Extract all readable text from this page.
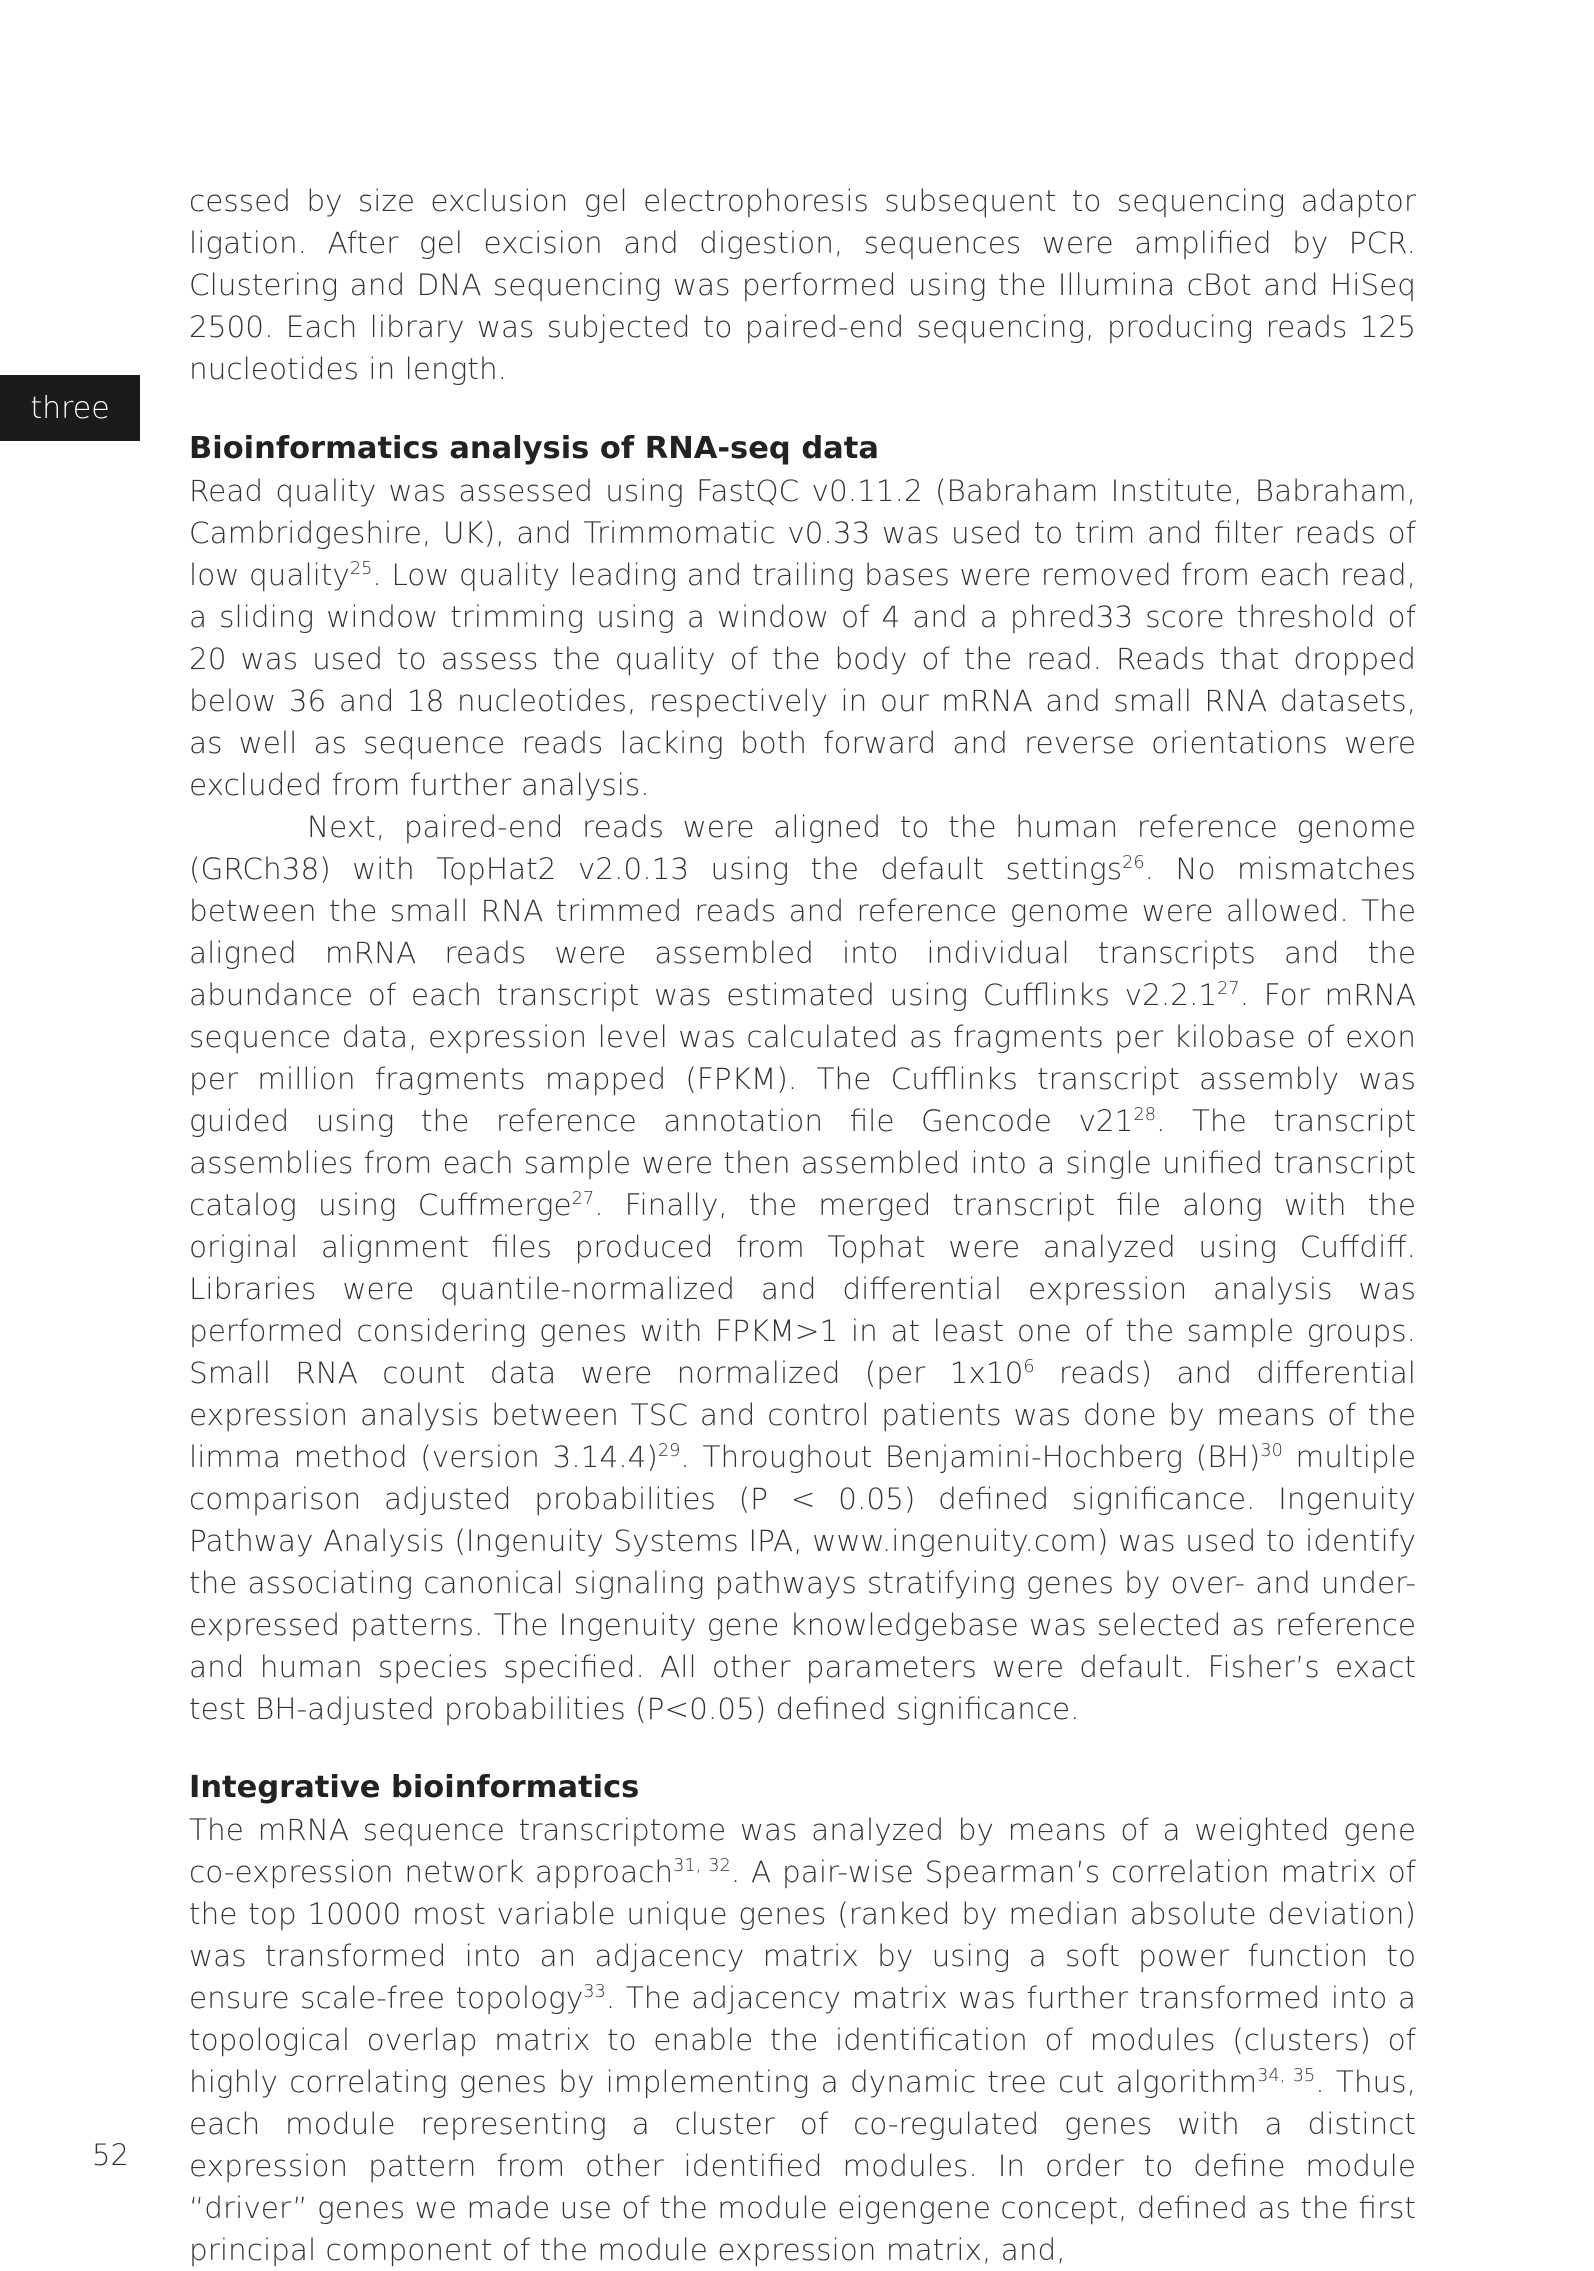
three

cessed by size exclusion gel electrophoresis subsequent to sequencing adaptor ligation. After gel excision and digestion, sequences were amplified by PCR. Clustering and DNA sequencing was performed using the Illumina cBot and HiSeq 2500. Each library was subjected to paired-end sequencing, producing reads 125 nucleotides in length.

Bioinformatics analysis of RNA-seq data

Read quality was assessed using FastQC v0.11.2 (Babraham Institute, Babraham, Cambridgeshire, UK), and Trimmomatic v0.33 was used to trim and filter reads of low quality$^{25}$. Low quality leading and trailing bases were removed from each read, a sliding window trimming using a window of 4 and a phred33 score threshold of 20 was used to assess the quality of the body of the read. Reads that dropped below 36 and 18 nucleotides, respectively in our mRNA and small RNA datasets, as well as sequence reads lacking both forward and reverse orientations were excluded from further analysis.

Next, paired-end reads were aligned to the human reference genome (GRCh38) with TopHat2 v2.0.13 using the default settings$^{26}$. No mismatches between the small RNA trimmed reads and reference genome were allowed. The aligned mRNA reads were assembled into individual transcripts and the abundance of each transcript was estimated using Cufflinks v2.2.1$^{27}$. For mRNA sequence data, expression level was calculated as fragments per kilobase of exon per million fragments mapped (FPKM). The Cufflinks transcript assembly was guided using the reference annotation file Gencode $v21^{28}$. The transcript assemblies from each sample were then assembled into a single unified transcript catalog using Cuffmerge$^{27}$. Finally, the merged transcript file along with the original alignment files produced from Tophat were analyzed using Cuffdiff. Libraries were quantile-normalized and differential expression analysis was performed considering genes with FPKM>1 in at least one of the sample groups. Small RNA count data were normalized (per $1x10^6$ reads) and differential expression analysis between TSC and control patients was done by means of the limma method (version 3.14.4)$^{29}$. Throughout Benjamini-Hochberg (BH)$^{30}$ multiple comparison adjusted probabilities (P < 0.05) defined significance. Ingenuity Pathway Analysis (Ingenuity Systems IPA, www.ingenuity.com) was used to identify the associating canonical signaling pathways stratifying genes by over- and under-expressed patterns. The Ingenuity gene knowledgebase was selected as reference and human species specified. All other parameters were default. Fisher’s exact test BH-adjusted probabilities (P<0.05) defined significance.

Integrative bioinformatics

The mRNA sequence transcriptome was analyzed by means of a weighted gene co-expression network approach$^{31, 32}$. A pair-wise Spearman’s correlation matrix of the top 10000 most variable unique genes (ranked by median absolute deviation) was transformed into an adjacency matrix by using a soft power function to ensure scale-free topology$^{33}$. The adjacency matrix was further transformed into a topological overlap matrix to enable the identification of modules (clusters) of highly correlating genes by implementing a dynamic tree cut algorithm$^{34, 35}$. Thus, each module representing a cluster of co-regulated genes with a distinct expression pattern from other identified modules. In order to define module “driver” genes we made use of the module eigengene concept, defined as the first principal component of the module expression matrix, and,

52
